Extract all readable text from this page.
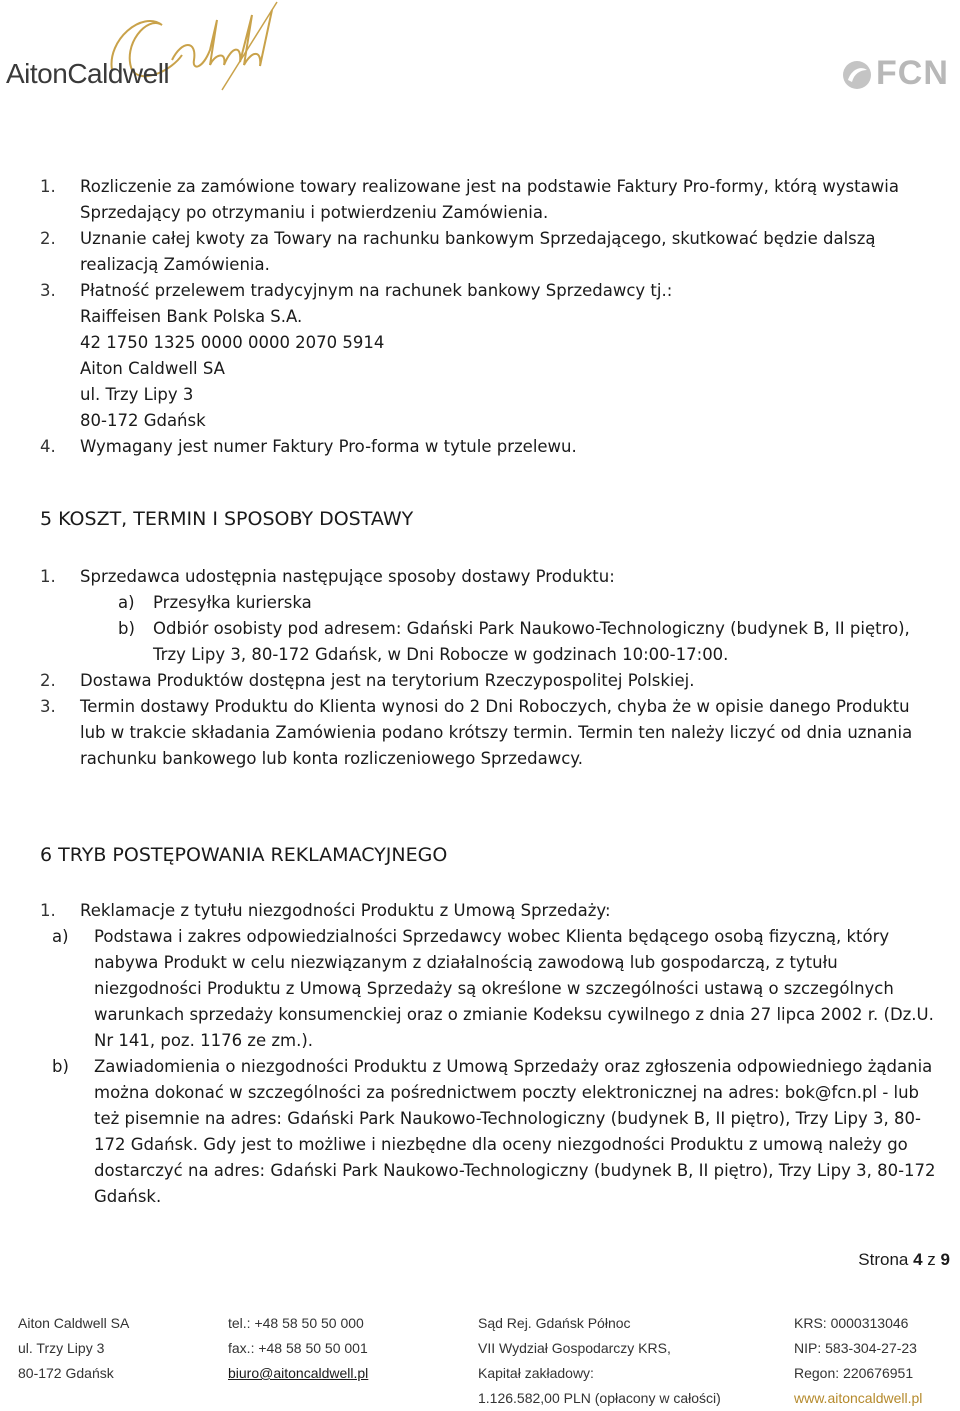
AitonCaldwell	FCN
1.	Rozliczenie za zamówione towary realizowane jest na podstawie Faktury Pro-formy, którą wystawia
Sprzedający po otrzymaniu i potwierdzeniu Zamówienia.
2.	Uznanie całej kwoty za Towary na rachunku bankowym Sprzedającego, skutkować będzie dalszą
realizacją Zamówienia.
3.	Płatność przelewem tradycyjnym na rachunek bankowy Sprzedawcy tj.:
Raiffeisen Bank Polska S.A.
42 1750 1325 0000 0000 2070 5914
Aiton Caldwell SA
ul. Trzy Lipy 3
80-172 Gdańsk
4.	Wymagany jest numer Faktury Pro-forma w tytule przelewu.
5 KOSZT, TERMIN I SPOSOBY DOSTAWY
1.	Sprzedawca udostępnia następujące sposoby dostawy Produktu:
a) Przesyłka kurierska
b) Odbiór osobisty pod adresem: Gdański Park Naukowo-Technologiczny (budynek B, II piętro),
Trzy Lipy 3, 80-172 Gdańsk, w Dni Robocze w godzinach 10:00-17:00.
2.	Dostawa Produktów dostępna jest na terytorium Rzeczypospolitej Polskiej.
3.	Termin dostawy Produktu do Klienta wynosi do 2 Dni Roboczych, chyba że w opisie danego Produktu
lub w trakcie składania Zamówienia podano krótszy termin. Termin ten należy liczyć od dnia uznania
rachunku bankowego lub konta rozliczeniowego Sprzedawcy.
6 TRYB POSTĘPOWANIA REKLAMACYJNEGO
1.	Reklamacje z tytułu niezgodności Produktu z Umową Sprzedaży:
a) Podstawa i zakres odpowiedzialności Sprzedawcy wobec Klienta będącego osobą fizyczną, który
nabywa Produkt w celu niezwiązanym z działalnością zawodową lub gospodarczą, z tytułu
niezgodności Produktu z Umową Sprzedaży są określone w szczególności ustawą o szczególnych
warunkach sprzedaży konsumenckiej oraz o zmianie Kodeksu cywilnego z dnia 27 lipca 2002 r. (Dz.U.
Nr 141, poz. 1176 ze zm.).
b) Zawiadomienia o niezgodności Produktu z Umową Sprzedaży oraz zgłoszenia odpowiedniego żądania
można dokonać w szczególności za pośrednictwem poczty elektronicznej na adres: bok@fcn.pl - lub
też pisemnie na adres: Gdański Park Naukowo-Technologiczny (budynek B, II piętro), Trzy Lipy 3, 80-
172 Gdańsk. Gdy jest to możliwe i niezbędne dla oceny niezgodności Produktu z umową należy go
dostarczyć na adres: Gdański Park Naukowo-Technologiczny (budynek B, II piętro), Trzy Lipy 3, 80-172
Gdańsk.
Strona 4 z 9
Aiton Caldwell SA
ul. Trzy Lipy 3
80-172 Gdańsk
tel.: +48 58 50 50 000
fax.: +48 58 50 50 001
biuro@aitoncaldwell.pl
Sąd Rej. Gdańsk Północ
VII Wydział Gospodarczy KRS,
Kapitał zakładowy:
1.126.582,00 PLN (opłacony w całości)
KRS: 0000313046
NIP: 583-304-27-23
Regon: 220676951
www.aitoncaldwell.pl
